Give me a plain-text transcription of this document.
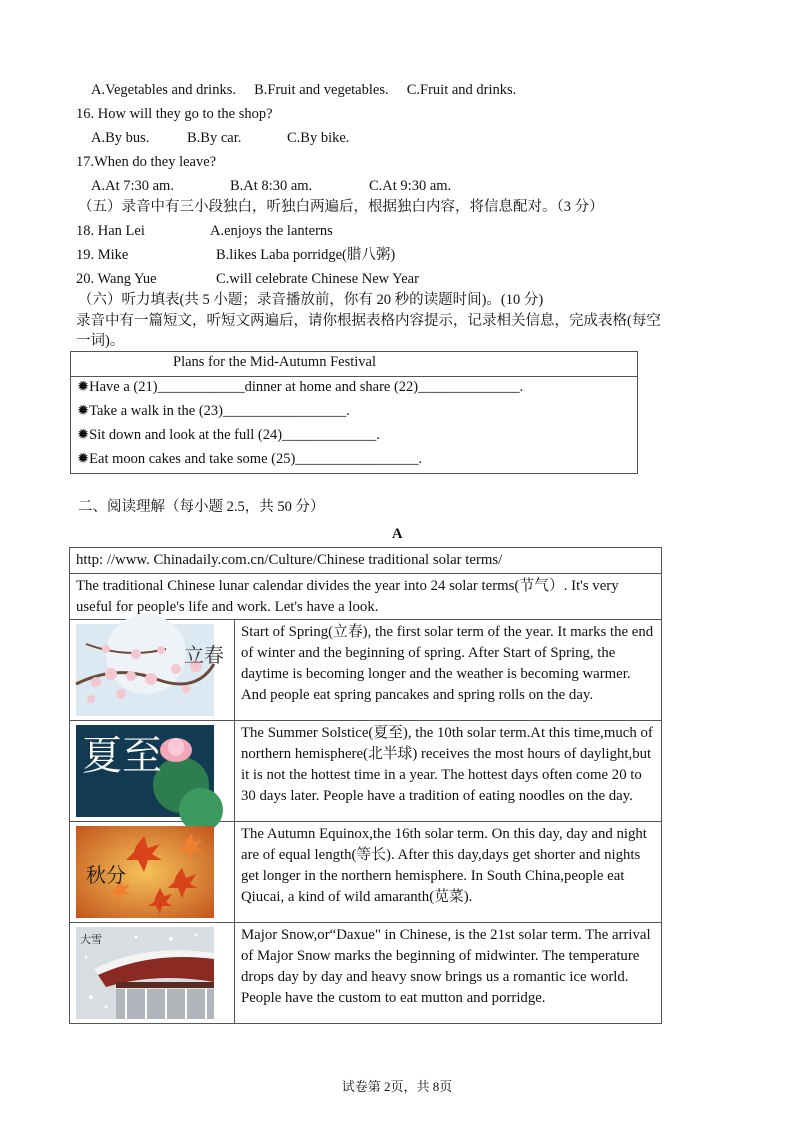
A.Vegetables and drinks. B.Fruit and vegetables. C.Fruit and drinks.
16. How will they go to the shop?
A.By bus.	B.By car.	C.By bike.
17.When do they leave?
A.At 7:30 am.	B.At 8:30 am.	C.At 9:30 am.
（五）录音中有三小段独白，听独白两遍后，根据独白内容，将信息配对。（3 分）
18. Han Lei	A.enjoys the lanterns
19. Mike	B.likes Laba porridge(腊八粥)
20. Wang Yue	C.will celebrate Chinese New Year
（六）听力填表(共 5 小题；录音播放前，你有 20 秒的读题时间)。(10 分)
录音中有一篇短文，听短文两遍后，请你根据表格内容提示，记录相关信息，完成表格(每空
一词)。
Plans for the Mid-Autumn Festival
✹Have a (21)____________dinner at home and share (22)______________.
✹Take a walk in the (23)_________________.
✹Sit down and look at the full (24)_____________.
✹Eat moon cakes and take some (25)_________________.
二、阅读理解（每小题 2.5，共 50 分）
A
http: //www. Chinadaily.com.cn/Culture/Chinese traditional solar terms/	
The traditional Chinese lunar calendar divides the year into 24 solar terms(节气）. It's very useful for people's life and work. Let's have a look.	

立春	Start of Spring(立春), the first solar term of the year. It marks the end of winter and the beginning of spring. After Start of Spring, the daytime is becoming longer and the weather is becoming warmer. And people eat spring pancakes and spring rolls on the day.

夏至	The Summer Solstice(夏至), the 10th solar term.At this time,much of northern hemisphere(北半球) receives the most hours of daylight,but it is not the hottest time in a year. The hottest days often come 20 to 30 days later. People have a tradition of eating noodles on the day.

秋分	The Autumn Equinox,the 16th solar term. On this day, day and night are of equal length(等长). After this day,days get shorter and nights get longer in the northern hemisphere. In South China,people eat Qiucai, a kind of wild amaranth(苋菜).

大雪	Major Snow,or“Daxue" in Chinese, is the 21st solar term. The arrival of Major Snow marks the beginning of midwinter. The temperature drops day by day and heavy snow brings us a romantic ice world. People have the custom to eat mutton and porridge.
试卷第 2页，共 8页
